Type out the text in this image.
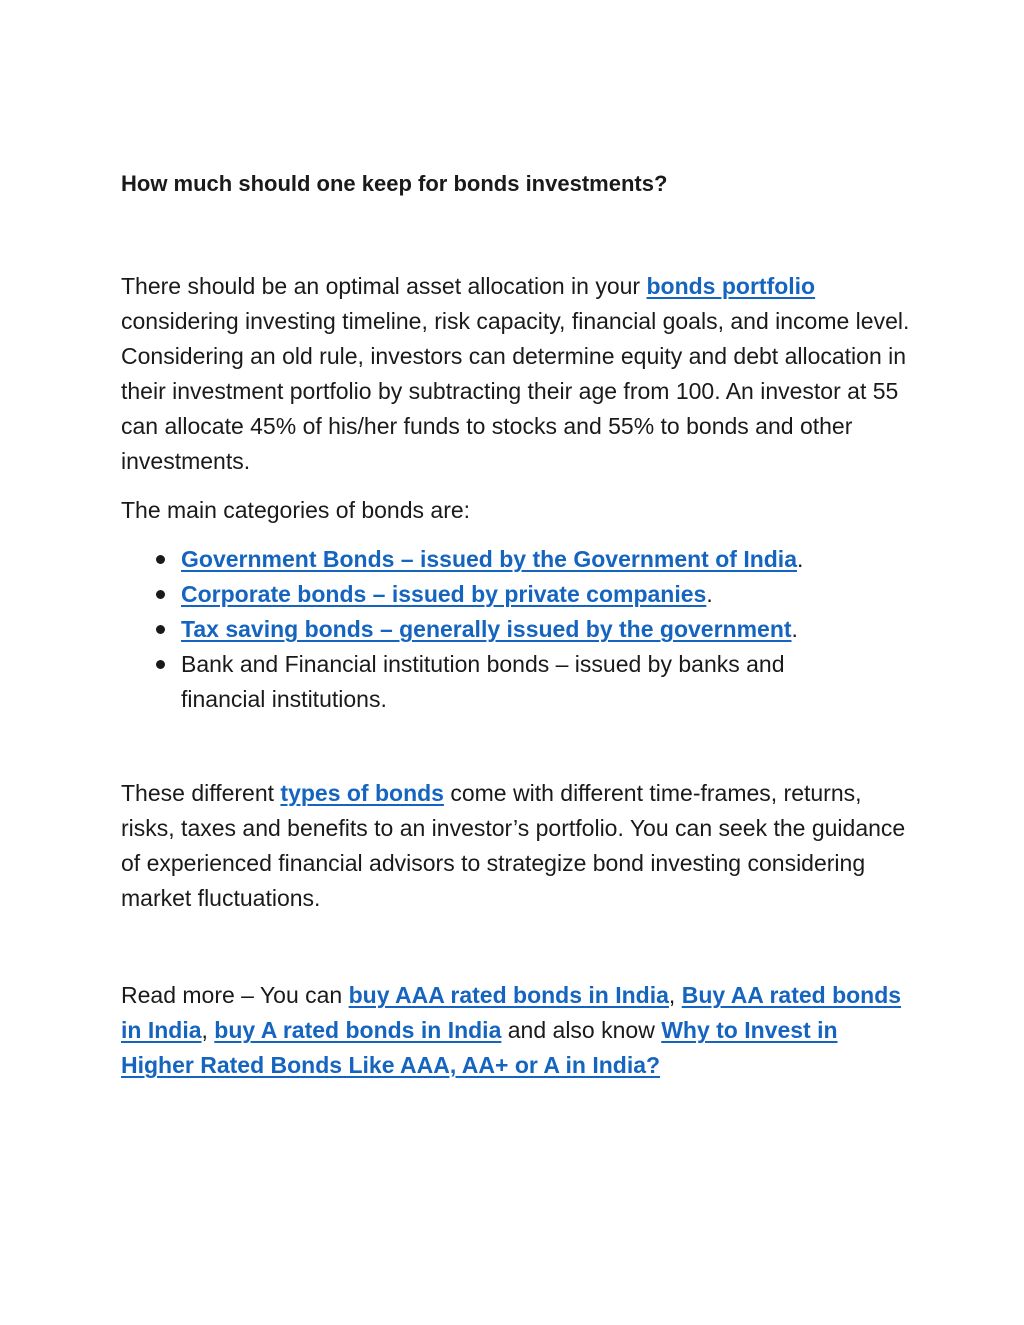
How much should one keep for bonds investments?

There should be an optimal asset allocation in your bonds portfolio considering investing timeline, risk capacity, financial goals, and income level. Considering an old rule, investors can determine equity and debt allocation in their investment portfolio by subtracting their age from 100. An investor at 55 can allocate 45% of his/her funds to stocks and 55% to bonds and other investments.

The main categories of bonds are:

Government Bonds – issued by the Government of India.
Corporate bonds – issued by private companies.
Tax saving bonds – generally issued by the government.
Bank and Financial institution bonds – issued by banks and financial institutions.

These different types of bonds come with different time-frames, returns, risks, taxes and benefits to an investor’s portfolio. You can seek the guidance of experienced financial advisors to strategize bond investing considering market fluctuations.

Read more – You can buy AAA rated bonds in India, Buy AA rated bonds in India, buy A rated bonds in India and also know Why to Invest in Higher Rated Bonds Like AAA, AA+ or A in India?
